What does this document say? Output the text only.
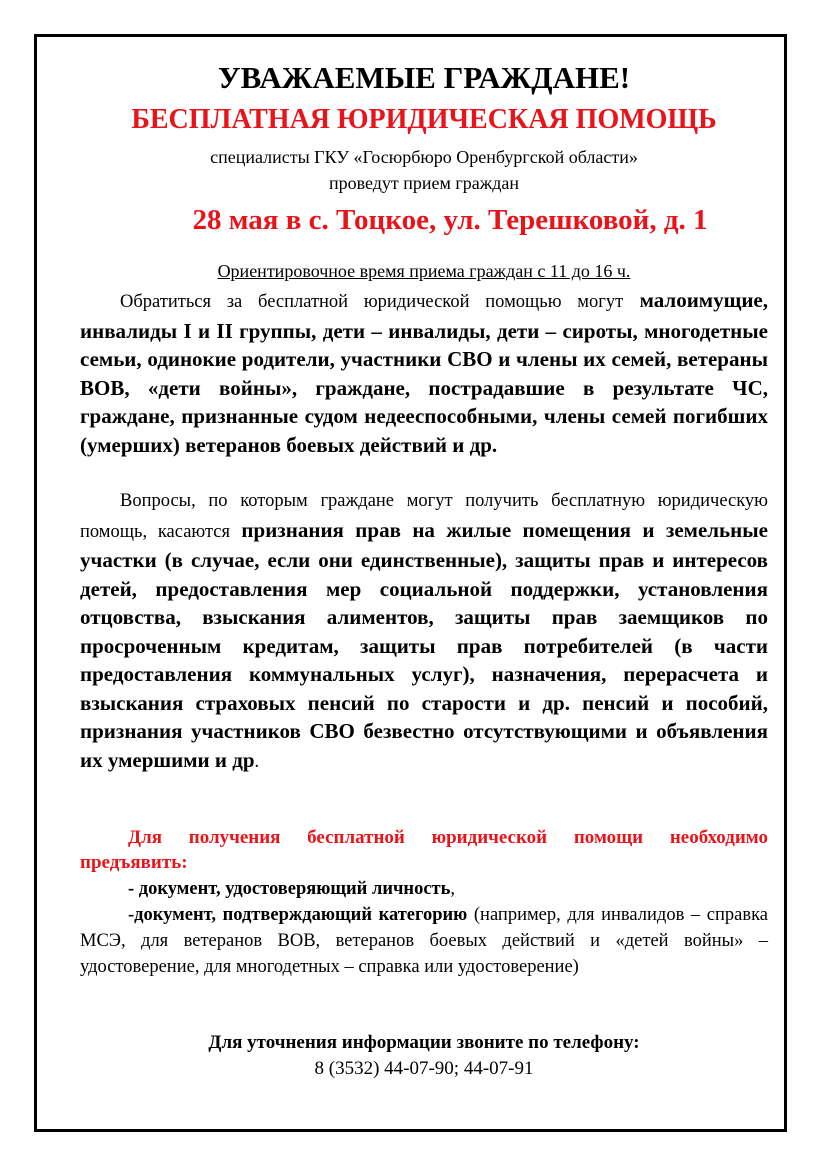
УВАЖАЕМЫЕ ГРАЖДАНЕ!
БЕСПЛАТНАЯ ЮРИДИЧЕСКАЯ ПОМОЩЬ
специалисты ГКУ «Госюрбюро Оренбургской области»
проведут прием граждан
28 мая в с. Тоцкое, ул. Терешковой, д. 1
Ориентировочное время приема граждан с 11 до 16 ч.
Обратиться за бесплатной юридической помощью могут малоимущие, инвалиды I и II группы, дети – инвалиды, дети – сироты, многодетные семьи, одинокие родители, участники СВО и члены их семей, ветераны ВОВ, «дети войны», граждане, пострадавшие в результате ЧС, граждане, признанные судом недееспособными, члены семей погибших (умерших) ветеранов боевых действий и др.
Вопросы, по которым граждане могут получить бесплатную юридическую помощь, касаются признания прав на жилые помещения и земельные участки (в случае, если они единственные), защиты прав и интересов детей, предоставления мер социальной поддержки, установления отцовства, взыскания алиментов, защиты прав заемщиков по просроченным кредитам, защиты прав потребителей (в части предоставления коммунальных услуг), назначения, перерасчета и взыскания страховых пенсий по старости и др. пенсий и пособий, признания участников СВО безвестно отсутствующими и объявления их умершими и др.
Для получения бесплатной юридической помощи необходимо предъявить:
- документ, удостоверяющий личность,
-документ, подтверждающий категорию (например, для инвалидов – справка МСЭ, для ветеранов ВОВ, ветеранов боевых действий и «детей войны» – удостоверение, для многодетных – справка или удостоверение)
Для уточнения информации звоните по телефону:
8 (3532) 44-07-90; 44-07-91
